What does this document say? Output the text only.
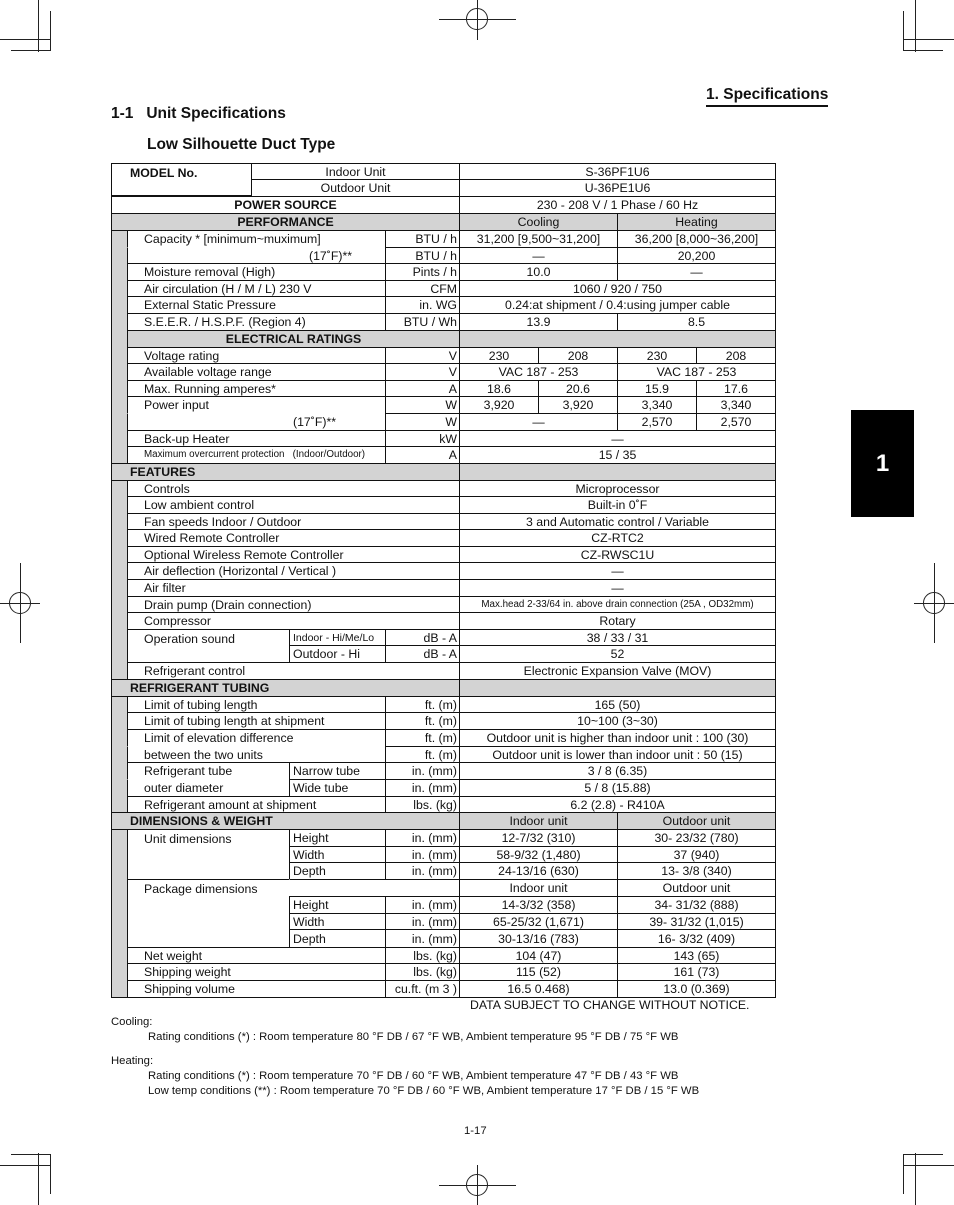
1. Specifications
1-1   Unit Specifications
Low Silhouette Duct Type
1
MODEL No.	Indoor Unit	S-36PF1U6
Outdoor Unit	U-36PE1U6
POWER SOURCE	230 - 208 V / 1 Phase / 60 Hz
PERFORMANCE	Cooling	Heating
Capacity * [minimum~muximum]	BTU / h	31,200 [9,500~31,200]	36,200 [8,000~36,200]
(17˚F)**	BTU / h	—	20,200
Moisture removal (High)	Pints / h	10.0	—
Air circulation (H / M / L) 230 V	CFM	1060 / 920 / 750
External Static Pressure	in. WG	0.24:at shipment / 0.4:using jumper cable
S.E.E.R. / H.S.P.F. (Region 4)	BTU / Wh	13.9	8.5
ELECTRICAL RATINGS
Voltage rating	V	230	208	230	208
Available voltage range	V	VAC 187 - 253	VAC 187 - 253
Max. Running amperes*	A	18.6	20.6	15.9	17.6
Power input	W	3,920	3,920	3,340	3,340
(17˚F)**	W	—	2,570	2,570
Back-up Heater	kW	—
Maximum overcurrent protection   (Indoor/Outdoor)	A	15 / 35
FEATURES
Controls	Microprocessor
Low ambient control	Built-in 0˚F
Fan speeds Indoor / Outdoor	3 and Automatic control / Variable
Wired Remote Controller	CZ-RTC2
Optional Wireless Remote Controller	CZ-RWSC1U
Air deflection (Horizontal / Vertical )	—
Air filter	—
Drain pump (Drain connection)	Max.head 2-33/64 in. above drain connection (25A , OD32mm)
Compressor	Rotary
Operation sound	Indoor - Hi/Me/Lo	dB - A	38 / 33 / 31
Outdoor - Hi	dB - A	52
Refrigerant control	Electronic Expansion Valve (MOV)
REFRIGERANT TUBING
Limit of tubing length	ft. (m)	165 (50)
Limit of tubing length at shipment	ft. (m)	10~100 (3~30)
Limit of elevation difference	ft. (m)	Outdoor unit is higher than indoor unit : 100 (30)
between the two units	ft. (m)	Outdoor unit is lower than indoor unit : 50 (15)
Refrigerant tube	Narrow tube	in. (mm)	3 / 8 (6.35)
outer diameter	Wide tube	in. (mm)	5 / 8 (15.88)
Refrigerant amount at shipment	lbs. (kg)	6.2 (2.8) - R410A
DIMENSIONS & WEIGHT	Indoor unit	Outdoor unit
Unit dimensions	Height	in. (mm)	12-7/32 (310)	30- 23/32 (780)
Width	in. (mm)	58-9/32 (1,480)	37 (940)
Depth	in. (mm)	24-13/16 (630)	13- 3/8 (340)
Package dimensions	Indoor unit	Outdoor unit
Height	in. (mm)	14-3/32 (358)	34- 31/32 (888)
Width	in. (mm)	65-25/32 (1,671)	39- 31/32 (1,015)
Depth	in. (mm)	30-13/16 (783)	16- 3/32 (409)
Net weight	lbs. (kg)	104 (47)	143 (65)
Shipping weight	lbs. (kg)	115 (52)	161 (73)
Shipping volume	cu.ft. (m 3 )	16.5 0.468)	13.0 (0.369)
DATA SUBJECT TO CHANGE WITHOUT NOTICE.
Cooling:
Rating conditions (*) : Room temperature 80 °F DB / 67 °F WB, Ambient temperature 95 °F DB / 75 °F WB
Heating:
Rating conditions (*) : Room temperature 70 °F DB / 60 °F WB, Ambient temperature 47 °F DB / 43 °F WB
Low temp conditions (**) : Room temperature 70 °F DB / 60 °F WB, Ambient temperature 17 °F DB / 15 °F WB
1-17
